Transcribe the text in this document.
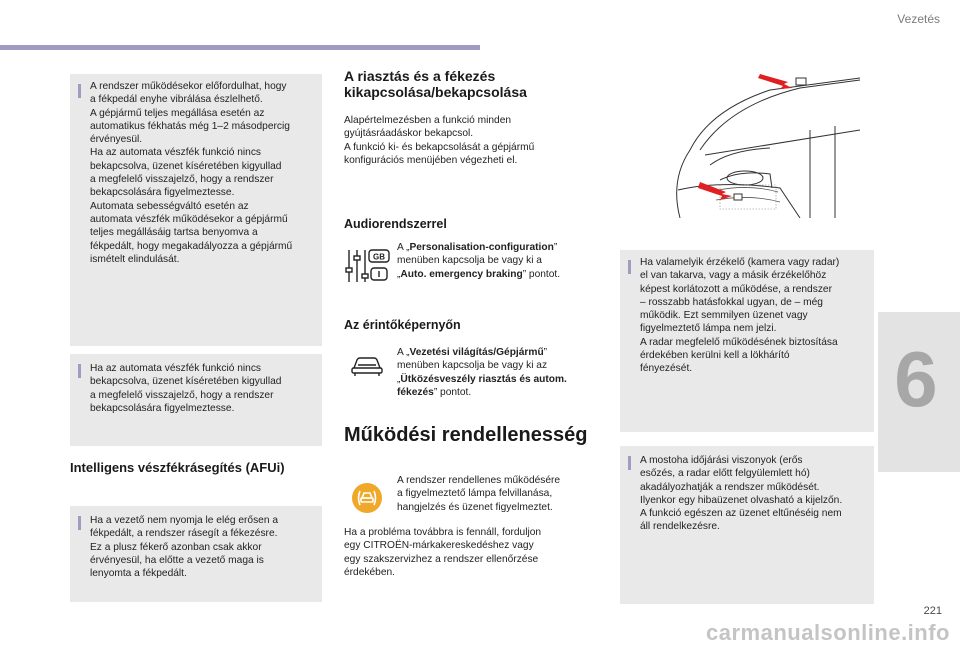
Vezetés
A rendszer működésekor előfordulhat, hogy
a fékpedál enyhe vibrálása észlelhető.
A gépjármű teljes megállása esetén az
automatikus fékhatás még 1–2 másodpercig
érvényesül.
Ha az automata vészfék funkció nincs
bekapcsolva, üzenet kíséretében kigyullad
a megfelelő visszajelző, hogy a rendszer
bekapcsolására figyelmeztesse.
Automata sebességváltó esetén az
automata vészfék működésekor a gépjármű
teljes megállásáig tartsa benyomva a
fékpedált, hogy megakadályozza a gépjármű
ismételt elindulását.
Ha az automata vészfék funkció nincs
bekapcsolva, üzenet kíséretében kigyullad
a megfelelő visszajelző, hogy a rendszer
bekapcsolására figyelmeztesse.
Intelligens vészfékrásegítés (AFUi)
Ha a vezető nem nyomja le elég erősen a
fékpedált, a rendszer rásegít a fékezésre.
Ez a plusz fékerő azonban csak akkor
érvényesül, ha előtte a vezető maga is
lenyomta a fékpedált.
A riasztás és a fékezés
kikapcsolása/bekapcsolása
Alapértelmezésben a funkció minden
gyújtásráadáskor bekapcsol.
A funkció ki- és bekapcsolását a gépjármű
konfigurációs menüjében végezheti el.
Audiorendszerrel
GB
A „Personalisation-configuration”
menüben kapcsolja be vagy ki a
„Auto. emergency braking” pontot.
Az érintőképernyőn
A „Vezetési világítás/Gépjármű”
menüben kapcsolja be vagy ki az
„Ütközésveszély riasztás és autom.
fékezés” pontot.
Működési rendellenesség
A rendszer rendellenes működésére
a figyelmeztető lámpa felvillanása,
hangjelzés és üzenet figyelmeztet.
Ha a probléma továbbra is fennáll, forduljon
egy CITROËN-márkakereskedéshez vagy
egy szakszervizhez a rendszer ellenőrzése
érdekében.
Ha valamelyik érzékelő (kamera vagy radar)
el van takarva, vagy a másik érzékelőhöz
képest korlátozott a működése, a rendszer
– rosszabb hatásfokkal ugyan, de – még
működik. Ezt semmilyen üzenet vagy
figyelmeztető lámpa nem jelzi.
A radar megfelelő működésének biztosítása
érdekében kerülni kell a lökhárító
fényezését.
A mostoha időjárási viszonyok (erős
esőzés, a radar előtt felgyülemlett hó)
akadályozhatják a rendszer működését.
Ilyenkor egy hibaüzenet olvasható a kijelzőn.
A funkció egészen az üzenet eltűnéséig nem
áll rendelkezésre.
6
221
carmanualsonline.info
